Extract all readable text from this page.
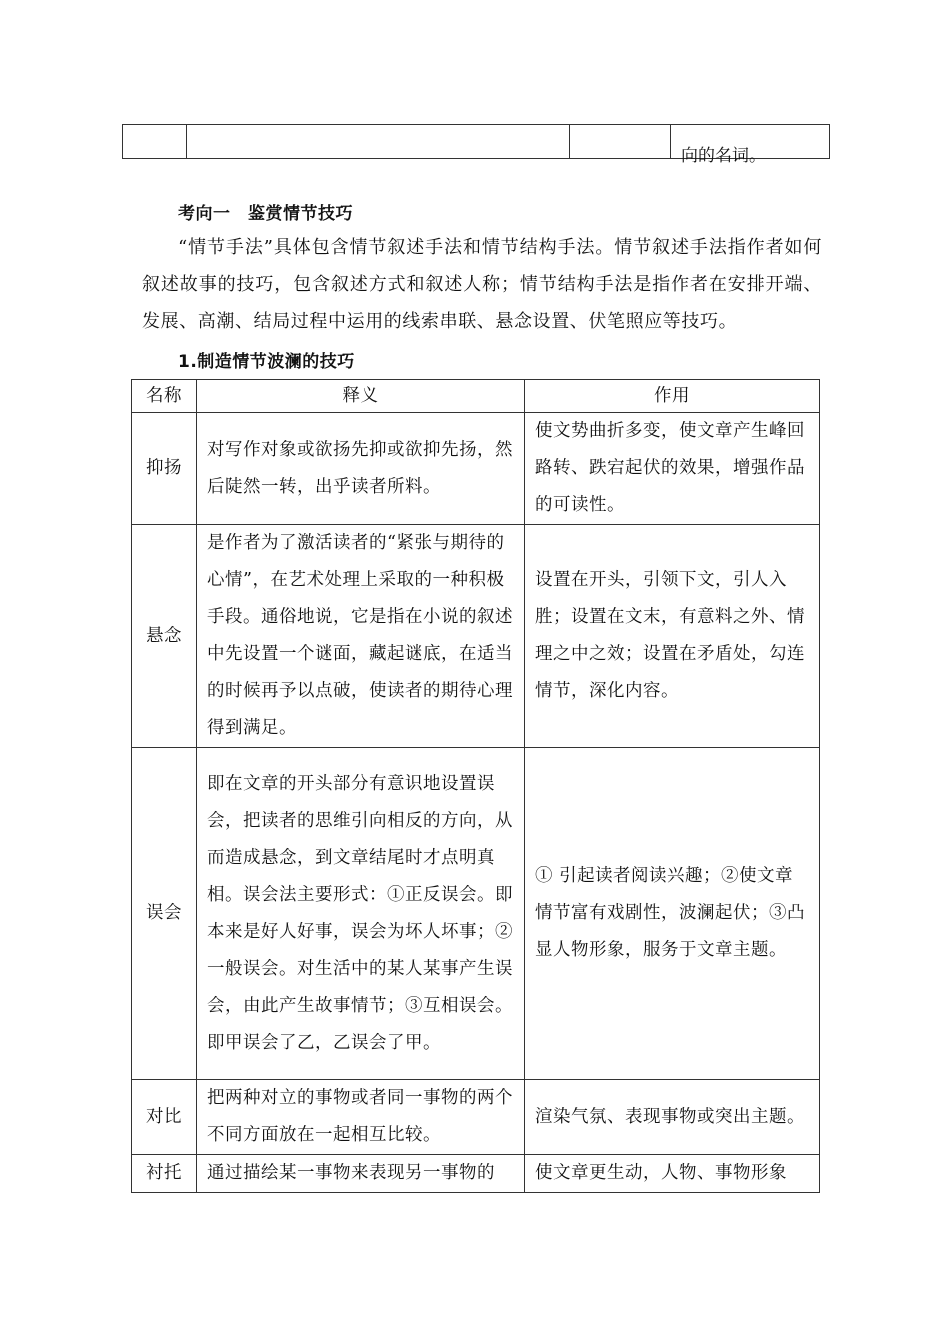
			向的名词。
考向一　鉴赏情节技巧

“情节手法”具体包含情节叙述手法和情节结构手法。情节叙述手法指作者如何叙述故事的技巧，包含叙述方式和叙述人称；情节结构手法是指作者在安排开端、发展、高潮、结局过程中运用的线索串联、悬念设置、伏笔照应等技巧。

1.制造情节波澜的技巧
名称	释义	作用
抑扬	对写作对象或欲扬先抑或欲抑先扬，然后陡然一转，出乎读者所料。	使文势曲折多变，使文章产生峰回路转、跌宕起伏的效果，增强作品的可读性。
悬念	是作者为了激活读者的“紧张与期待的心情”，在艺术处理上采取的一种积极手段。通俗地说，它是指在小说的叙述中先设置一个谜面，藏起谜底，在适当的时候再予以点破，使读者的期待心理得到满足。	设置在开头，引领下文，引人入胜；设置在文末，有意料之外、情理之中之效；设置在矛盾处，勾连情节，深化内容。
误会	即在文章的开头部分有意识地设置误会，把读者的思维引向相反的方向，从而造成悬念，到文章结尾时才点明真相。误会法主要形式：①正反误会。即本来是好人好事，误会为坏人坏事；②一般误会。对生活中的某人某事产生误会，由此产生故事情节；③互相误会。即甲误会了乙，乙误会了甲。	① 引起读者阅读兴趣；②使文章情节富有戏剧性，波澜起伏；③凸显人物形象，服务于文章主题。
对比	把两种对立的事物或者同一事物的两个不同方面放在一起相互比较。	渲染气氛、表现事物或突出主题。
衬托	通过描绘某一事物来表现另一事物的	使文章更生动，人物、事物形象
